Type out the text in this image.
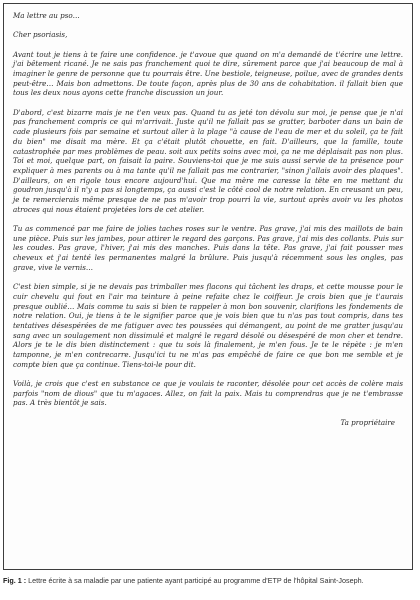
Ma lettre au pso…

Cher psoriasis,

Avant tout je tiens à te faire une confidence. je t'avoue que quand on m'a demandé de t'écrire une lettre. j'ai bêtement ricané. Je ne sais pas franchement quoi te dire, sûrement parce que j'ai beaucoup de mal à imaginer le genre de personne que tu pourrais être. Une bestiole, teigneuse, poilue, avec de grandes dents peut-être… Mais bon admettons. De toute façon, après plus de 30 ans de cohabitation. il fallait bien que tous les deux nous ayons cette franche discussion un jour.

D'abord, c'est bizarre mais je ne t'en veux pas. Quand tu as jeté ton dévolu sur moi, je pense que je n'ai pas franchement compris ce qui m'arrivait. Juste qu'il ne fallait pas se gratter, barboter dans un bain de cade plusieurs fois par semaine et surtout aller à la plage "à cause de l'eau de mer et du soleil, ça te fait du bien" me disait ma mère. Et ça c'était plutôt chouette, en fait. D'ailleurs, que la famille, toute catastrophée par mes problèmes de peau. soit aux petits soins avec moi, ça ne me déplaisait pas non plus. Toi et moi, quelque part, on faisait la paire. Souviens-toi que je me suis aussi servie de ta présence pour expliquer à mes parents ou à ma tante qu'il ne fallait pas me contrarier, "sinon j'allais avoir des plaques". D'ailleurs, on en rigole tous encore aujourd'hui. Que ma mère me caresse la tête en me mettant du goudron jusqu'à il n'y a pas si longtemps, ça aussi c'est le côté cool de notre relation. En creusant un peu, je te remercierais même presque de ne pas m'avoir trop pourri la vie, surtout après avoir vu les photos atroces qui nous étaient projetées lors de cet atelier.

Tu as commencé par me faire de jolies taches roses sur le ventre. Pas grave, j'ai mis des maillots de bain une pièce. Puis sur les jambes, pour attirer le regard des garçons. Pas grave, j'ai mis des collants. Puis sur les coudes. Pas grave, l'hiver, j'ai mis des manches. Puis dans la tête. Pas grave, j'ai fait pousser mes cheveux et j'ai tenté les permanentes malgré la brûlure. Puis jusqu'à récemment sous les ongles, pas grave, vive le vernis…

C'est bien simple, si je ne devais pas trimballer mes flacons qui tâchent les draps, et cette mousse pour le cuir chevelu qui fout en l'air ma teinture à peine refaite chez le coiffeur. Je crois bien que je t'aurais presque oublié… Mais comme tu sais si bien te rappeler à mon bon souvenir, clarifions les fondements de notre relation. Oui, je tiens à te le signifier parce que je vois bien que tu n'as pas tout compris, dans tes tentatives désespérées de me fatiguer avec tes poussées qui démangent, au point de me gratter jusqu'au sang avec un soulagement non dissimulé et malgré le regard désolé ou désespéré de mon cher et tendre. Alors je te le dis bien distinctement : que tu sois là finalement, je m'en fous. Je te le répète : je m'en tamponne, je m'en contrecarre. Jusqu'ici tu ne m'as pas empêché de faire ce que bon me semble et je compte bien que ça continue. Tiens-toi-le pour dit.

Voilà, je crois que c'est en substance ce que je voulais te raconter, désolée pour cet accès de colère mais parfois "nom de dious" que tu m'agaces. Allez, on fait la paix. Mais tu comprendras que je ne t'embrasse pas. A très bientôt je sais.

Ta propriétaire

Fig. 1 : Lettre écrite à sa maladie par une patiente ayant participé au programme d'ETP de l'hôpital Saint-Joseph.
